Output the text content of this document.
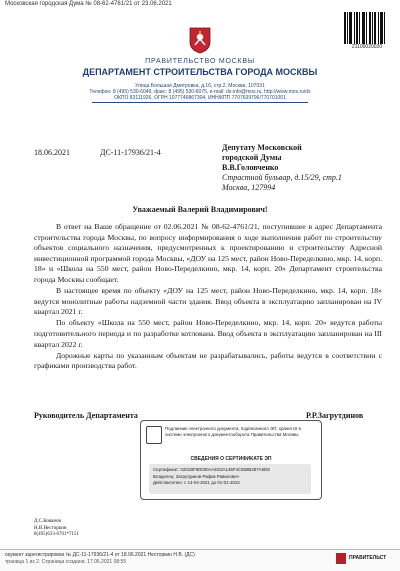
Московская городская Дума № 08-62-4761/21 от 23.06.2021
21100020020
ПРАВИТЕЛЬСТВО МОСКВЫ
ДЕПАРТАМЕНТ СТРОИТЕЛЬСТВА ГОРОДА МОСКВЫ
Улица Большая Дмитровка, д.16, стр.2, Москва, 107031
Телефон: 8 (495) 530-6049, факс: 8 (495) 530-6075, e-mail: ds-info@mos.ru, http://www.mos.ru/ds
ОКПО 83111926, ОГРН 1077746867304, ИНН/КПП 7707639796/770701001
18.06.2021	ДС-11-17936/21-4
Депутату Московской
городской Думы
В.В.Головченко
Страстной бульвар, д.15/29, стр.1
Москва, 127994
Уважаемый Валерий Владимирович!

В ответ на Ваше обращение от 02.06.2021 № 08-62-4761/21, поступившее в адрес Департамента строительства города Москвы, по вопросу информирования о ходе выполнения работ по строительству объектов социального назначения, предусмотренных к проектированию и строительству Адресной инвестиционной программой города Москвы, «ДОУ на 125 мест, район Ново-Переделкино, мкр. 14, корп. 18» и «Школа на 550 мест, район Ново-Переделкино, мкр. 14, корп. 20» Департамент строительства города Москвы сообщает.

В настоящее время по объекту «ДОУ на 125 мест, район Ново-Переделкино, мкр. 14, корп. 18» ведутся монолитные работы надземной части здания. Ввод объекта в эксплуатацию запланирован на IV квартал 2021 г.

По объекту «Школа на 550 мест, район Ново-Переделкино, мкр. 14, корп. 20» ведутся работы подготовительного периода и по разработке котлована. Ввод объекта в эксплуатацию запланирован на III квартал 2022 г.

Дорожные карты по указанным объектам не разрабатывались, работы ведутся в соответствии с графиками производства работ.

Руководитель Департамента	Р.Р.Загрутдинов
Подлинник электронного документа, подписанного ЭП, хранится в системе электронного документооборота Правительства Москвы
СВЕДЕНИЯ О СЕРТИФИКАТЕ ЭП
Сертификат: 0201BF9D000AAD23A145F4C558B287A6D8
Владелец: Загрутдинов Рафик Равилович
Действителен: с 14-04-2021 до 01-01-2022
Д.С.Кованов
Н.В.Несторкин
8(495)633-6701*7151
окумент зарегистрирован № ДС-11-17936/21-4 от 18.06.2021 Несторкин Н.В. (ДС)
траница 1 из 2. Страница создана: 17.06.2021 08:55
ПРАВИТЕЛЬСТ
